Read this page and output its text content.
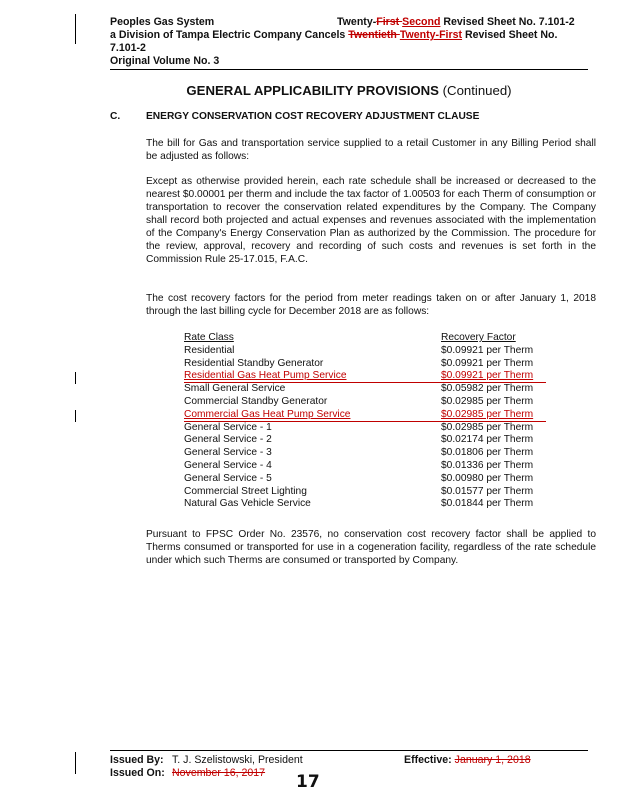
Peoples Gas System	Twenty-First Second Revised Sheet No. 7.101-2
a Division of Tampa Electric Company Cancels Twentieth Twenty-First Revised Sheet No.
7.101-2
Original Volume No. 3
GENERAL APPLICABILITY PROVISIONS (Continued)
C.	ENERGY CONSERVATION COST RECOVERY ADJUSTMENT CLAUSE
The bill for Gas and transportation service supplied to a retail Customer in any Billing Period shall be adjusted as follows:
Except as otherwise provided herein, each rate schedule shall be increased or decreased to the nearest $0.00001 per therm and include the tax factor of 1.00503 for each Therm of consumption or transportation to recover the conservation related expenditures by the Company. The Company shall record both projected and actual expenses and revenues associated with the implementation of the Company's Energy Conservation Plan as authorized by the Commission. The procedure for the review, approval, recovery and recording of such costs and revenues is set forth in the Commission Rule 25-17.015, F.A.C.
The cost recovery factors for the period from meter readings taken on or after January 1, 2018 through the last billing cycle for December 2018 are as follows:
Rate Class	Recovery Factor
Residential	$0.09921 per Therm
Residential Standby Generator	$0.09921 per Therm
Residential Gas Heat Pump Service	$0.09921 per Therm
Small General Service	$0.05982 per Therm
Commercial Standby Generator	$0.02985 per Therm
Commercial Gas Heat Pump Service	$0.02985 per Therm
General Service - 1	$0.02985 per Therm
General Service - 2	$0.02174 per Therm
General Service - 3	$0.01806 per Therm
General Service - 4	$0.01336 per Therm
General Service - 5	$0.00980 per Therm
Commercial Street Lighting	$0.01577 per Therm
Natural Gas Vehicle Service	$0.01844 per Therm
Pursuant to FPSC Order No. 23576, no conservation cost recovery factor shall be applied to Therms consumed or transported for use in a cogeneration facility, regardless of the rate schedule under which such Therms are consumed or transported by Company.
Issued By: T. J. Szelistowski, President	Effective: January 1, 2018
Issued On: November 16, 2017 17
